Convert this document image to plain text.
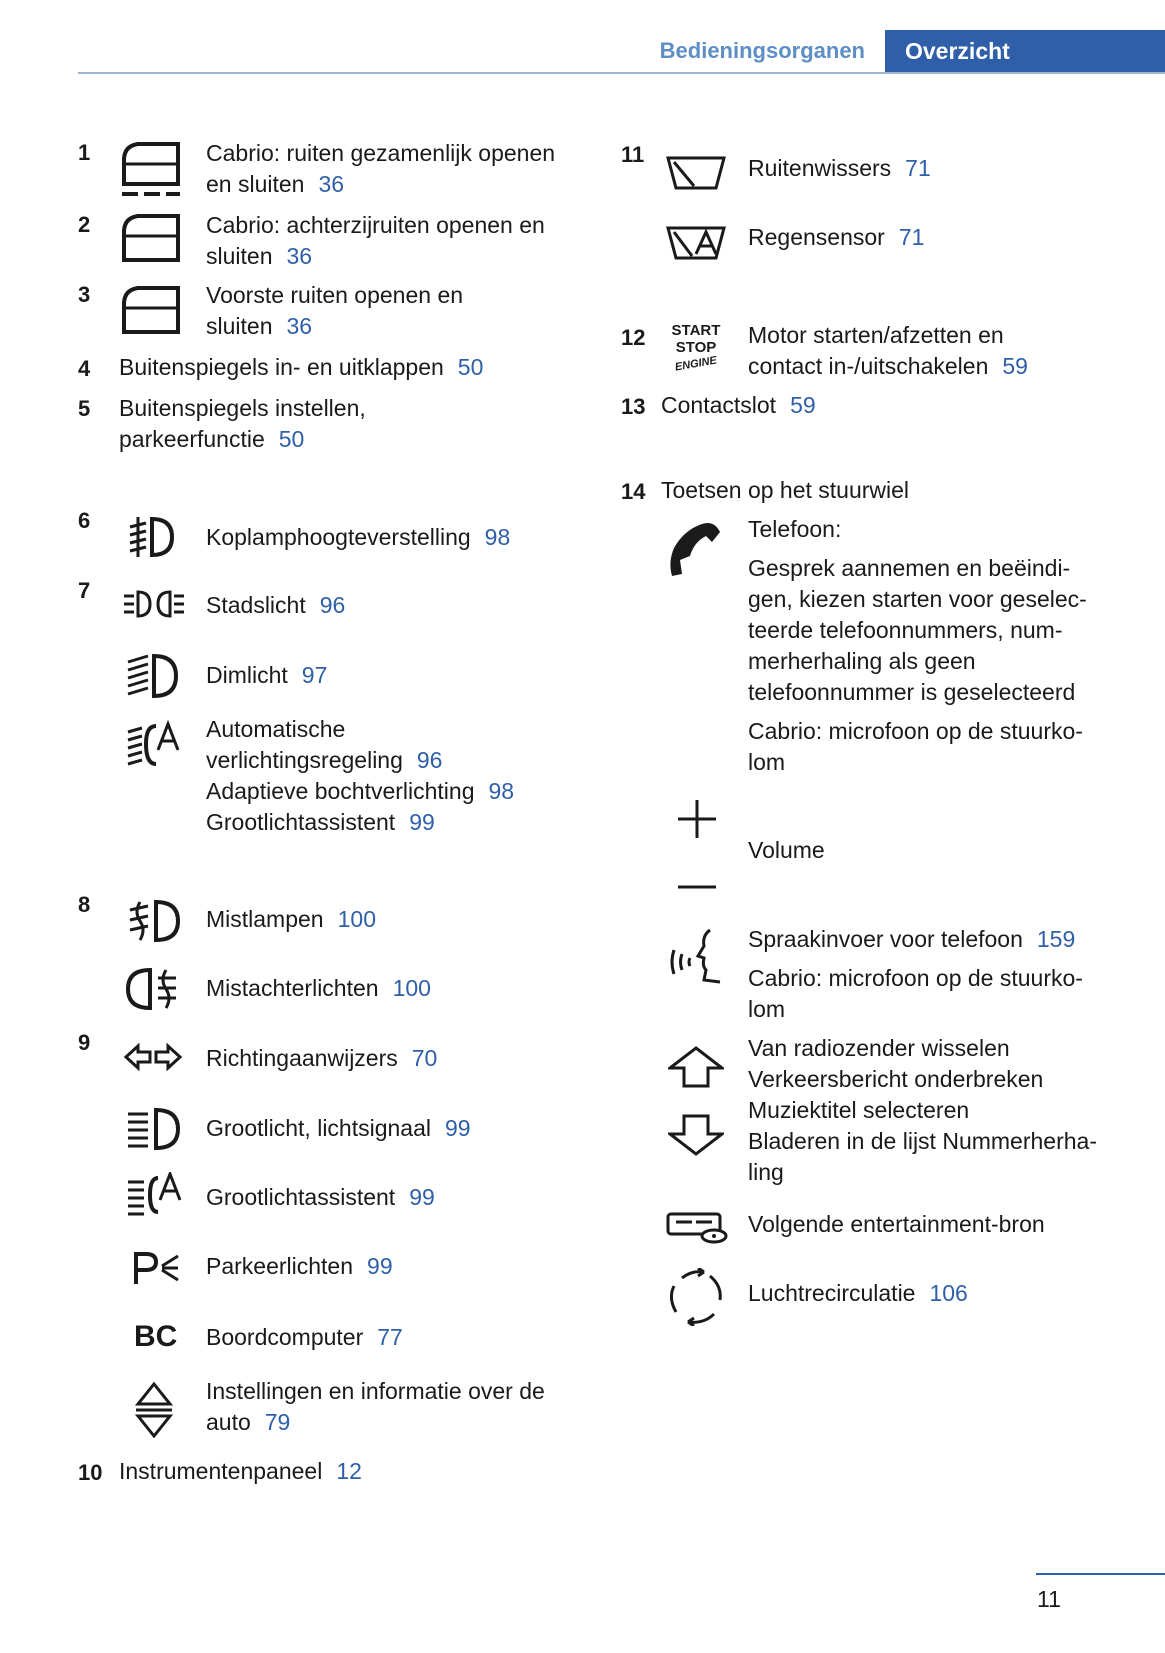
Bedieningsorganen Overzicht
1	Cabrio: ruiten gezamenlijk openen
en sluiten 36
2	Cabrio: achterzijruiten openen en
sluiten 36
3	Voorste ruiten openen en
sluiten 36
4 Buitenspiegels in- en uitklappen 50
5 Buitenspiegels instellen,
parkeerfunctie 50
6
Koplamphoogteverstelling 98
7
Stadslicht 96
Dimlicht 97
Automatische
verlichtingsregeling 96
Adaptieve bochtverlichting 98
Grootlichtassistent 99
8
Mistlampen 100
Mistachterlichten 100
9
Richtingaanwijzers 70
Grootlicht, lichtsignaal 99
Grootlichtassistent 99
Parkeerlichten 99
BC Boordcomputer 77
Instellingen en informatie over de
auto 79
10 Instrumentenpaneel 12
11
Ruitenwissers 71
Regensensor 71
12 START
STOP
ENGINE
Motor starten/afzetten en
contact in-/uitschakelen 59
13 Contactslot 59
14 Toetsen op het stuurwiel
Telefoon:
Gesprek aannemen en beëindi-
gen, kiezen starten voor geselec-
teerde telefoonnummers, num-
merherhaling als geen
telefoonnummer is geselecteerd
Cabrio: microfoon op de stuurko-
lom
Volume
Spraakinvoer voor telefoon 159
Cabrio: microfoon op de stuurko-
lom
Van radiozender wisselen
Verkeersbericht onderbreken
Muziektitel selecteren
Bladeren in de lijst Nummerherha-
ling
Volgende entertainment-bron
Luchtrecirculatie 106
11
